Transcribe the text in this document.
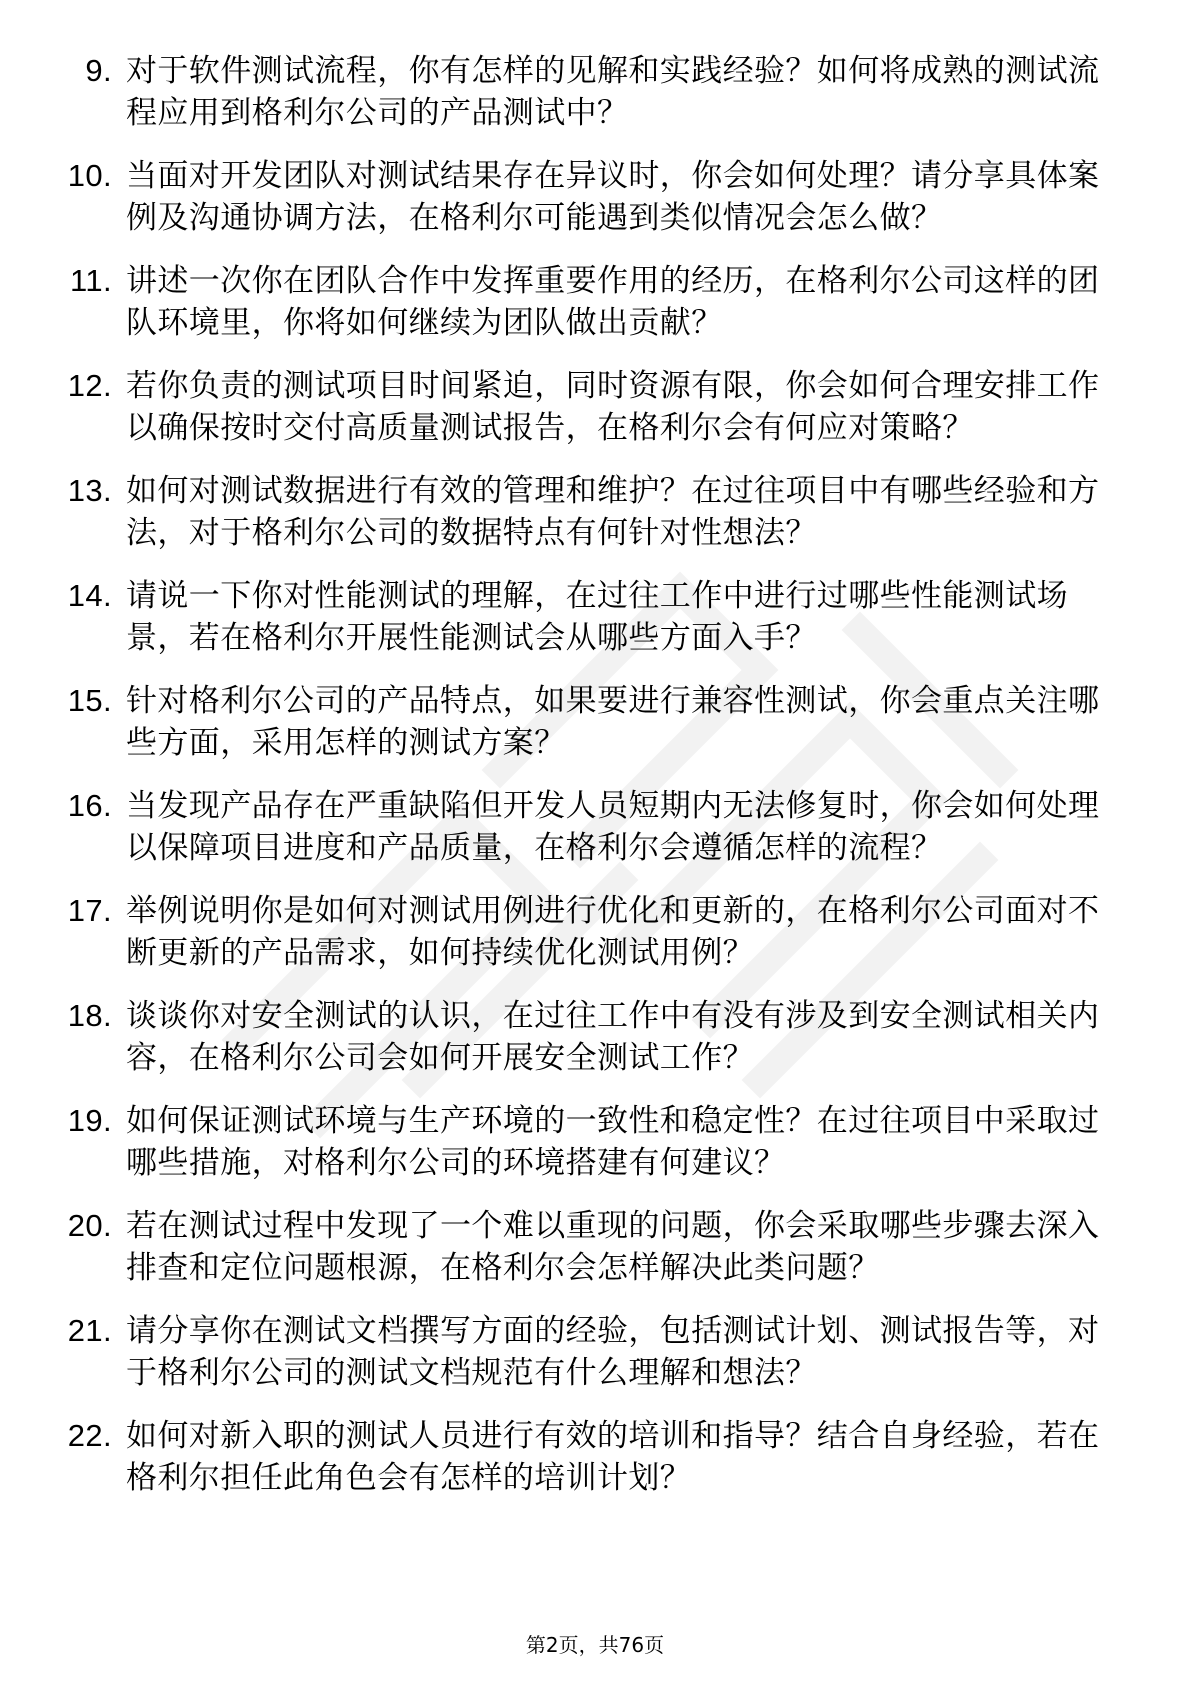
9. 对于软件测试流程，你有怎样的见解和实践经验？如何将成熟的测试流程应用到格利尔公司的产品测试中？
10. 当面对开发团队对测试结果存在异议时，你会如何处理？请分享具体案例及沟通协调方法，在格利尔可能遇到类似情况会怎么做？
11. 讲述一次你在团队合作中发挥重要作用的经历，在格利尔公司这样的团队环境里，你将如何继续为团队做出贡献？
12. 若你负责的测试项目时间紧迫，同时资源有限，你会如何合理安排工作以确保按时交付高质量测试报告，在格利尔会有何应对策略？
13. 如何对测试数据进行有效的管理和维护？在过往项目中有哪些经验和方法，对于格利尔公司的数据特点有何针对性想法？
14. 请说一下你对性能测试的理解，在过往工作中进行过哪些性能测试场景，若在格利尔开展性能测试会从哪些方面入手？
15. 针对格利尔公司的产品特点，如果要进行兼容性测试，你会重点关注哪些方面，采用怎样的测试方案？
16. 当发现产品存在严重缺陷但开发人员短期内无法修复时，你会如何处理以保障项目进度和产品质量，在格利尔会遵循怎样的流程？
17. 举例说明你是如何对测试用例进行优化和更新的，在格利尔公司面对不断更新的产品需求，如何持续优化测试用例？
18. 谈谈你对安全测试的认识，在过往工作中有没有涉及到安全测试相关内容，在格利尔公司会如何开展安全测试工作？
19. 如何保证测试环境与生产环境的一致性和稳定性？在过往项目中采取过哪些措施，对格利尔公司的环境搭建有何建议？
20. 若在测试过程中发现了一个难以重现的问题，你会采取哪些步骤去深入排查和定位问题根源，在格利尔会怎样解决此类问题？
21. 请分享你在测试文档撰写方面的经验，包括测试计划、测试报告等，对于格利尔公司的测试文档规范有什么理解和想法？
22. 如何对新入职的测试人员进行有效的培训和指导？结合自身经验，若在格利尔担任此角色会有怎样的培训计划？
第2页，共76页
